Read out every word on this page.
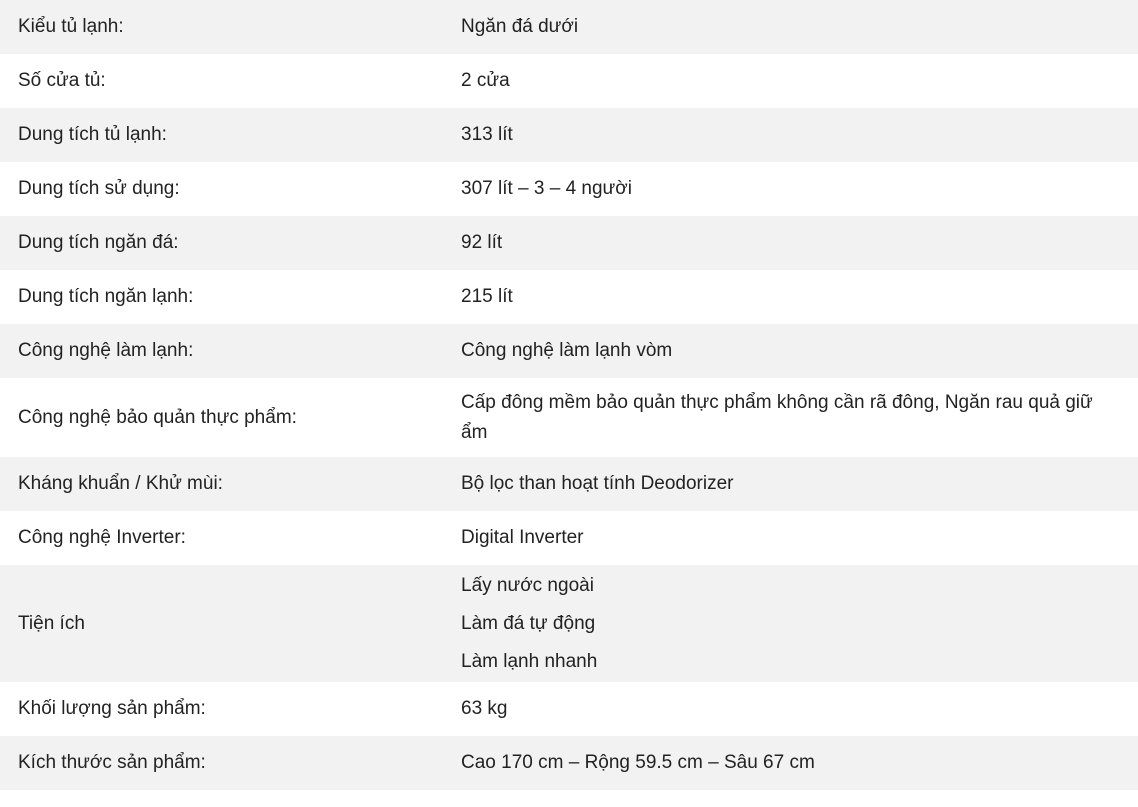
Kiểu tủ lạnh:	Ngăn đá dưới
Số cửa tủ:	2 cửa
Dung tích tủ lạnh:	313 lít
Dung tích sử dụng:	307 lít – 3 – 4 người
Dung tích ngăn đá:	92 lít
Dung tích ngăn lạnh:	215 lít
Công nghệ làm lạnh:	Công nghệ làm lạnh vòm
Công nghệ bảo quản thực phẩm:	Cấp đông mềm bảo quản thực phẩm không cần rã đông, Ngăn rau quả giữ ẩm

Kháng khuẩn / Khử mùi:	Bộ lọc than hoạt tính Deodorizer
Công nghệ Inverter:	Digital Inverter
Tiện ích	Lấy nước ngoài
Làm đá tự động
Làm lạnh nhanh

Khối lượng sản phẩm:	63 kg
Kích thước sản phẩm:	Cao 170 cm – Rộng 59.5 cm – Sâu 67 cm
